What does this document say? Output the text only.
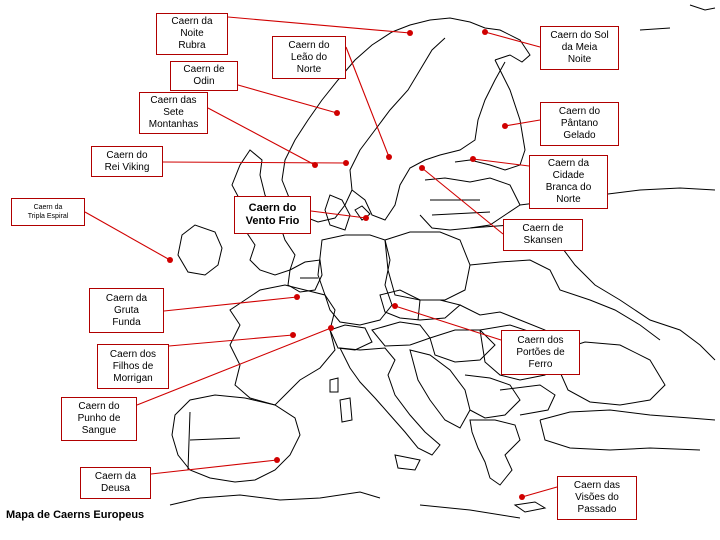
Caern da
Noite
Rubra	Caern do
Leão do
Norte
Caern de
Odin
Caern das
Sete
Montanhas
Caern do
Rei Viking
Caern da
Tripla Espiral
Caern do
Vento Frio
Caern da
Gruta
Funda
Caern dos
Filhos de
Morrigan
Caern do
Punho de
Sangue
Caern da
Deusa
Caern do Sol
da Meia
Noite
Caern do
Pântano
Gelado
Caern da
Cidade
Branca do
Norte
Caern de
Skansen
Caern dos
Portões de
Ferro
Caern das
Visões do
Passado
Mapa de Caerns Europeus
